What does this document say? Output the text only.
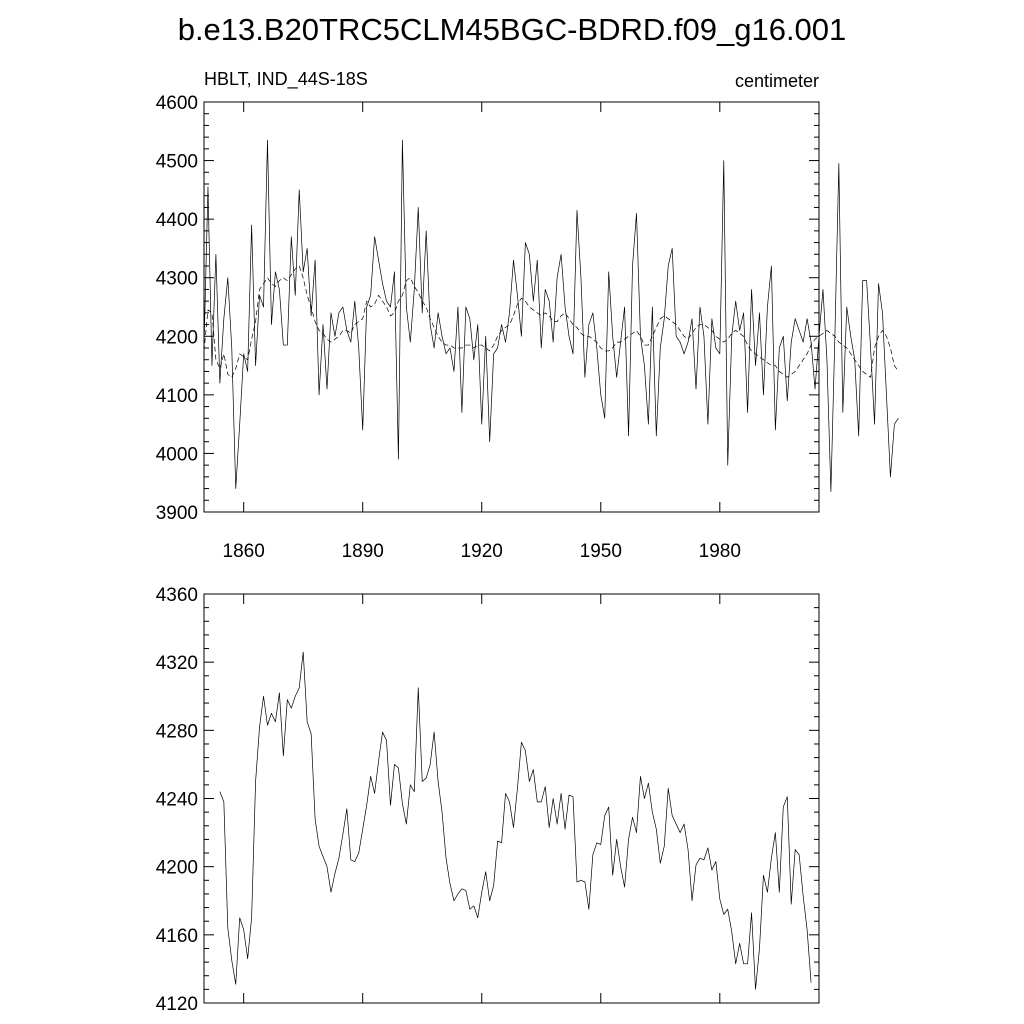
b.e13.B20TRC5CLM45BGC-BDRD.f09_g16.001
HBLT, IND_44S-18S	centimeter
3900
4000
4100
4200
4300
4400
4500
4600
1860	1890	1920	1950	1980
4120
4160
4200
4240
4280
4320
4360
